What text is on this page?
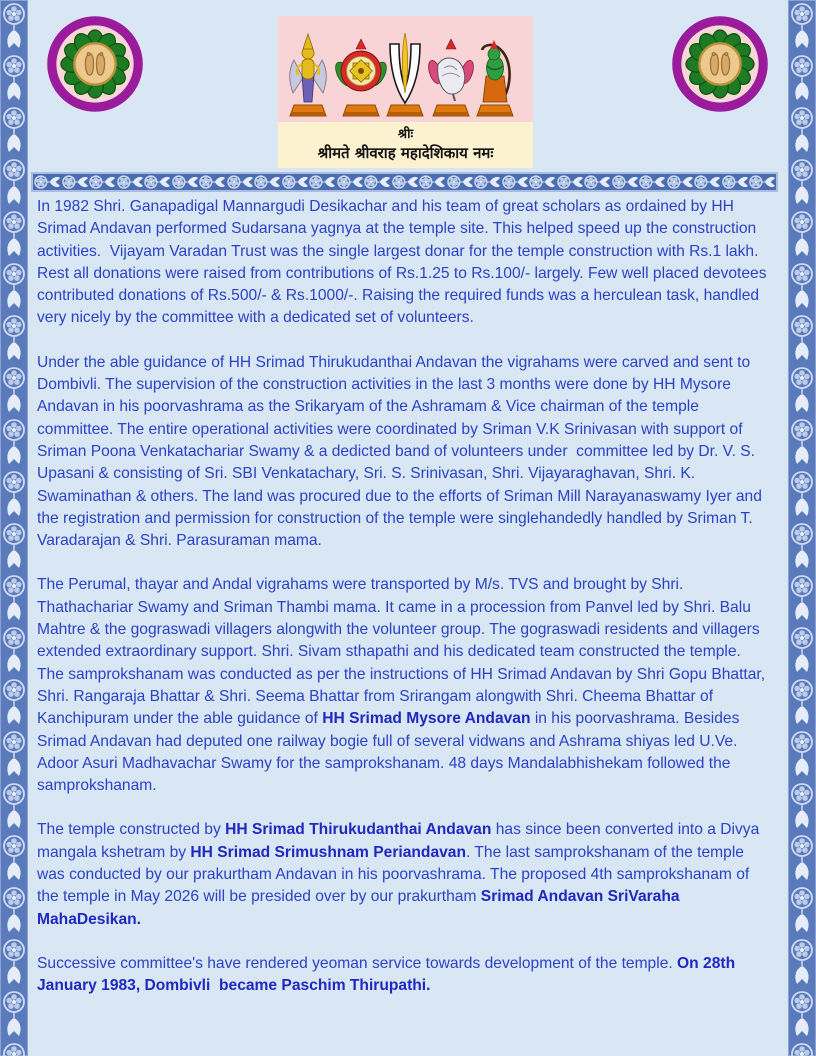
श्रीः
श्रीमते श्रीवराह महादेशिकाय नमः

In 1982 Shri. Ganapadigal Mannargudi Desikachar and his team of great scholars as ordained by HH Srimad Andavan performed Sudarsana yagnya at the temple site. This helped speed up the construction activities.  Vijayam Varadan Trust was the single largest donar for the temple construction with Rs.1 lakh. Rest all donations were raised from contributions of Rs.1.25 to Rs.100/- largely. Few well placed devotees contributed donations of Rs.500/- & Rs.1000/-. Raising the required funds was a herculean task, handled very nicely by the committee with a dedicated set of volunteers.

Under the able guidance of HH Srimad Thirukudanthai Andavan the vigrahams were carved and sent to Dombivli. The supervision of the construction activities in the last 3 months were done by HH Mysore Andavan in his poorvashrama as the Srikaryam of the Ashramam & Vice chairman of the temple committee. The entire operational activities were coordinated by Sriman V.K Srinivasan with support of  Sriman Poona Venkatachariar Swamy & a dedicted band of volunteers under  committee led by Dr. V. S. Upasani & consisting of Sri. SBI Venkatachary, Sri. S. Srinivasan, Shri. Vijayaraghavan, Shri. K. Swaminathan & others. The land was procured due to the efforts of Sriman Mill Narayanaswamy Iyer and the registration and permission for construction of the temple were singlehandedly handled by Sriman T. Varadarajan & Shri. Parasuraman mama.

The Perumal, thayar and Andal vigrahams were transported by M/s. TVS and brought by Shri. Thathachariar Swamy and Sriman Thambi mama. It came in a procession from Panvel led by Shri. Balu Mahtre & the gograswadi villagers alongwith the volunteer group. The gograswadi residents and villagers extended extraordinary support. Shri. Sivam sthapathi and his dedicated team constructed the temple. The samprokshanam was conducted as per the instructions of HH Srimad Andavan by Shri Gopu Bhattar, Shri. Rangaraja Bhattar & Shri. Seema Bhattar from Srirangam alongwith Shri. Cheema Bhattar of Kanchipuram under the able guidance of HH Srimad Mysore Andavan in his poorvashrama. Besides Srimad Andavan had deputed one railway bogie full of several vidwans and Ashrama shiyas led U.Ve. Adoor Asuri Madhavachar Swamy for the samprokshanam. 48 days Mandalabhishekam followed the samprokshanam.

The temple constructed by HH Srimad Thirukudanthai Andavan has since been converted into a Divya mangala kshetram by HH Srimad Srimushnam Periandavan. The last samprokshanam of the temple was conducted by our prakurtham Andavan in his poorvashrama. The proposed 4th samprokshanam of the temple in May 2026 will be presided over by our prakurtham Srimad Andavan SriVaraha MahaDesikan.

Successive committee's have rendered yeoman service towards development of the temple. On 28th January 1983, Dombivli  became Paschim Thirupathi.
